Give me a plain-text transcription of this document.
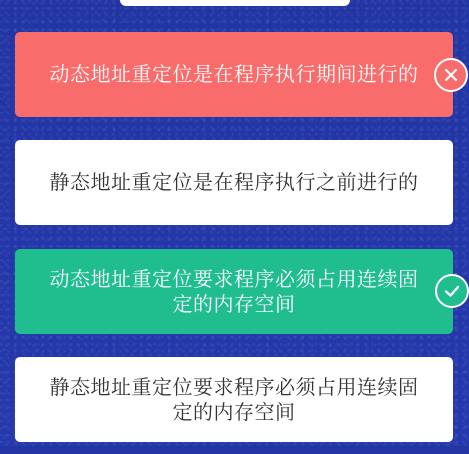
动态地址重定位是在程序执行期间进行的
静态地址重定位是在程序执行之前进行的
动态地址重定位要求程序必须占用连续固定的内存空间
静态地址重定位要求程序必须占用连续固定的内存空间
